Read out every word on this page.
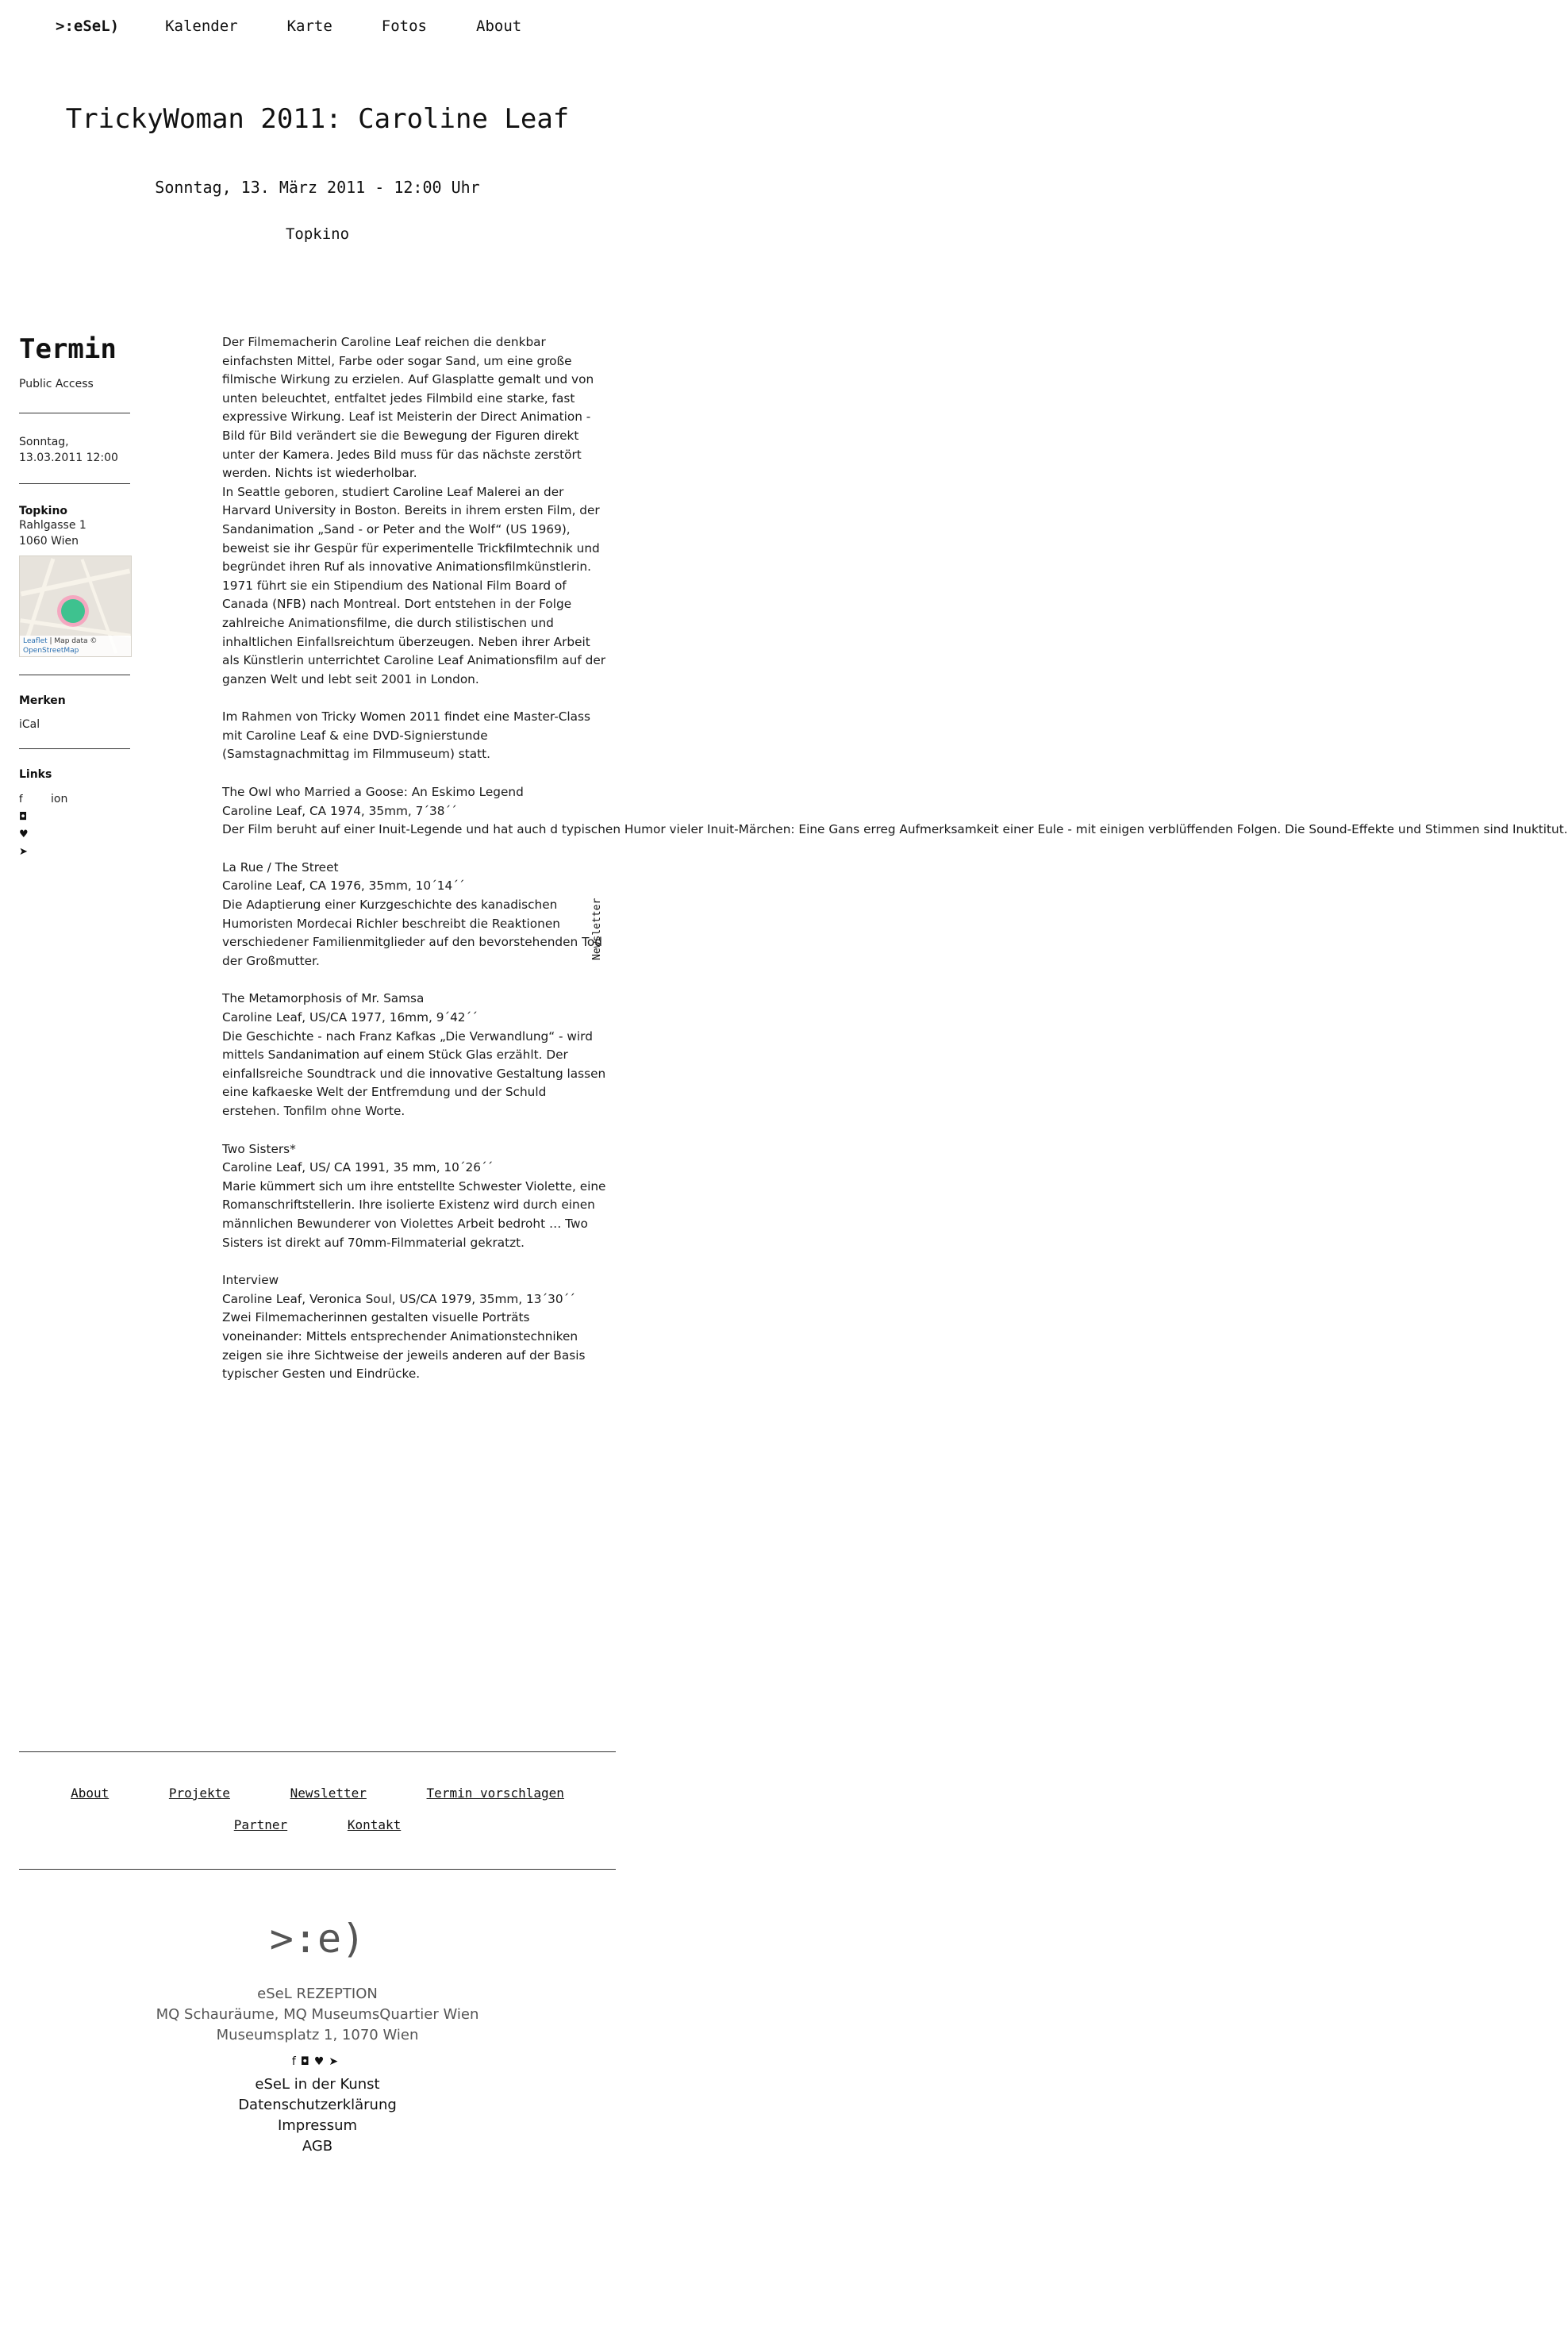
>:eSeL)	Kalender	Karte	Fotos	About
TrickyWoman 2011: Caroline Leaf
Sonntag, 13. März 2011 - 12:00 Uhr
Topkino
Termin
Public Access
Sonntag,
13.03.2011 12:00
Topkino
Rahlgasse 1
1060 Wien
Leaflet | Map data ©
OpenStreetMap
Merken
iCal
Links
f	ion
◘
♥
➤

Der Filmemacherin Caroline Leaf reichen die denkbar einfachsten Mittel, Farbe oder sogar Sand, um eine große filmische Wirkung zu erzielen. Auf Glasplatte gemalt und von unten beleuchtet, entfaltet jedes Filmbild eine starke, fast expressive Wirkung. Leaf ist Meisterin der Direct Animation - Bild für Bild verändert sie die Bewegung der Figuren direkt unter der Kamera. Jedes Bild muss für das nächste zerstört werden. Nichts ist wiederholbar.

In Seattle geboren, studiert Caroline Leaf Malerei an der Harvard University in Boston. Bereits in ihrem ersten Film, der Sandanimation „Sand - or Peter and the Wolf“ (US 1969), beweist sie ihr Gespür für experimentelle Trickfilmtechnik und begründet ihren Ruf als innovative Animationsfilmkünstlerin. 1971 führt sie ein Stipendium des National Film Board of Canada (NFB) nach Montreal. Dort entstehen in der Folge zahlreiche Animationsfilme, die durch stilistischen und inhaltlichen Einfallsreichtum überzeugen. Neben ihrer Arbeit als Künstlerin unterrichtet Caroline Leaf Animationsfilm auf der ganzen Welt und lebt seit 2001 in London.

Im Rahmen von Tricky Women 2011 findet eine Master-Class mit Caroline Leaf & eine DVD-Signierstunde (Samstagnachmittag im Filmmuseum) statt.

The Owl who Married a Goose: An Eskimo Legend

Caroline Leaf, CA 1974, 35mm, 7´38´´

Der Film beruht auf einer Inuit-Legende und hat auch d typischen Humor vieler Inuit-Märchen: Eine Gans erreg Aufmerksamkeit einer Eule - mit einigen verblüffenden Folgen. Die Sound-Effekte und Stimmen sind Inuktitut.

La Rue / The Street

Caroline Leaf, CA 1976, 35mm, 10´14´´

Die Adaptierung einer Kurzgeschichte des kanadischen Humoristen Mordecai Richler beschreibt die Reaktionen verschiedener Familienmitglieder auf den bevorstehenden Tod der Großmutter.

The Metamorphosis of Mr. Samsa

Caroline Leaf, US/CA 1977, 16mm, 9´42´´

Die Geschichte - nach Franz Kafkas „Die Verwandlung“ - wird mittels Sandanimation auf einem Stück Glas erzählt. Der einfallsreiche Soundtrack und die innovative Gestaltung lassen eine kafkaeske Welt der Entfremdung und der Schuld erstehen. Tonfilm ohne Worte.

Two Sisters*

Caroline Leaf, US/ CA 1991, 35 mm, 10´26´´

Marie kümmert sich um ihre entstellte Schwester Violette, eine Romanschriftstellerin. Ihre isolierte Existenz wird durch einen männlichen Bewunderer von Violettes Arbeit bedroht … Two Sisters ist direkt auf 70mm-Filmmaterial gekratzt.

Interview

Caroline Leaf, Veronica Soul, US/CA 1979, 35mm, 13´30´´

Zwei Filmemacherinnen gestalten visuelle Porträts voneinander: Mittels entsprechender Animationstechniken zeigen sie ihre Sichtweise der jeweils anderen auf der Basis typischer Gesten und Eindrücke.

Newsletter
About	Projekte	Newsletter	Termin vorschlagen
Partner	Kontakt
>:e)
eSeL REZEPTION
MQ Schauräume, MQ MuseumsQuartier Wien
Museumsplatz 1, 1070 Wien
f◘♥➤
eSeL in der Kunst
Datenschutzerklärung
Impressum
AGB
